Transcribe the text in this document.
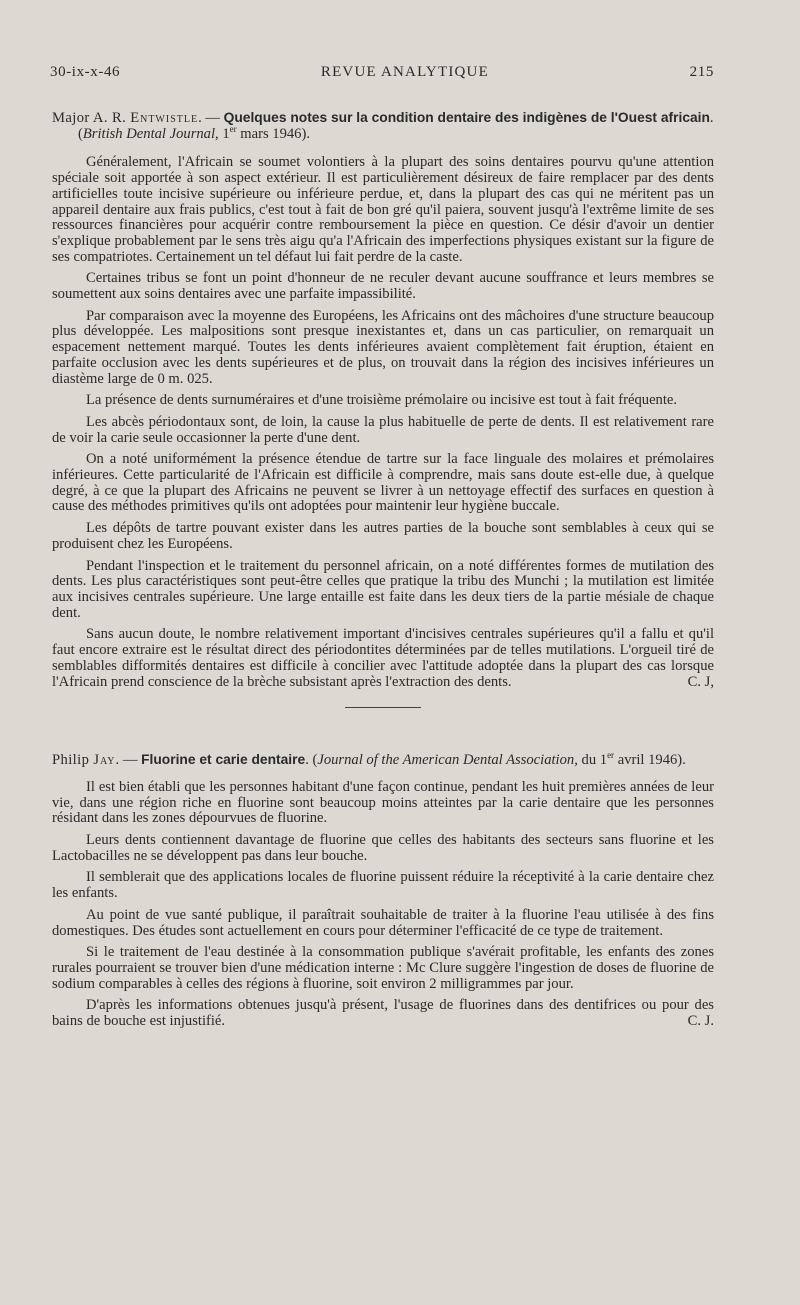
30-ix-x-46	REVUE ANALYTIQUE	215

Major A. R. Entwistle. — Quelques notes sur la condition dentaire des indigènes de l'Ouest africain. (British Dental Journal, 1er mars 1946).

Généralement, l'Africain se soumet volontiers à la plupart des soins dentaires pourvu qu'une attention spéciale soit apportée à son aspect extérieur. Il est particulièrement désireux de faire remplacer par des dents artificielles toute incisive supérieure ou inférieure perdue, et, dans la plupart des cas qui ne méritent pas un appareil dentaire aux frais publics, c'est tout à fait de bon gré qu'il paiera, souvent jusqu'à l'extrême limite de ses ressources financières pour acquérir contre remboursement la pièce en question. Ce désir d'avoir un dentier s'explique probablement par le sens très aigu qu'a l'Africain des imperfections physiques existant sur la figure de ses compatriotes. Certainement un tel défaut lui fait perdre de la caste.

Certaines tribus se font un point d'honneur de ne reculer devant aucune souffrance et leurs membres se soumettent aux soins dentaires avec une parfaite impassibilité.

Par comparaison avec la moyenne des Européens, les Africains ont des mâchoires d'une structure beaucoup plus développée. Les malpositions sont presque inexistantes et, dans un cas particulier, on remarquait un espacement nettement marqué. Toutes les dents inférieures avaient complètement fait éruption, étaient en parfaite occlusion avec les dents supérieures et de plus, on trouvait dans la région des incisives inférieures un diastème large de 0 m. 025.

La présence de dents surnuméraires et d'une troisième prémolaire ou incisive est tout à fait fréquente.

Les abcès périodontaux sont, de loin, la cause la plus habituelle de perte de dents. Il est relativement rare de voir la carie seule occasionner la perte d'une dent.

On a noté uniformément la présence étendue de tartre sur la face linguale des molaires et prémolaires inférieures. Cette particularité de l'Africain est difficile à comprendre, mais sans doute est-elle due, à quelque degré, à ce que la plupart des Africains ne peuvent se livrer à un nettoyage effectif des surfaces en question à cause des méthodes primitives qu'ils ont adoptées pour maintenir leur hygiène buccale.

Les dépôts de tartre pouvant exister dans les autres parties de la bouche sont semblables à ceux qui se produisent chez les Européens.

Pendant l'inspection et le traitement du personnel africain, on a noté différentes formes de mutilation des dents. Les plus caractéristiques sont peut-être celles que pratique la tribu des Munchi ; la mutilation est limitée aux incisives centrales supérieure. Une large entaille est faite dans les deux tiers de la partie mésiale de chaque dent.

Sans aucun doute, le nombre relativement important d'incisives centrales supérieures qu'il a fallu et qu'il faut encore extraire est le résultat direct des périodontites déterminées par de telles mutilations. L'orgueil tiré de semblables difformités dentaires est difficile à concilier avec l'attitude adoptée dans la plupart des cas lorsque l'Africain prend conscience de la brèche subsistant après l'extraction des dents.	C. J,

Philip Jay. — Fluorine et carie dentaire. (Journal of the American Dental Association, du 1er avril 1946).

Il est bien établi que les personnes habitant d'une façon continue, pendant les huit premières années de leur vie, dans une région riche en fluorine sont beaucoup moins atteintes par la carie dentaire que les personnes résidant dans les zones dépourvues de fluorine.

Leurs dents contiennent davantage de fluorine que celles des habitants des secteurs sans fluorine et les Lactobacilles ne se développent pas dans leur bouche.

Il semblerait que des applications locales de fluorine puissent réduire la réceptivité à la carie dentaire chez les enfants.

Au point de vue santé publique, il paraîtrait souhaitable de traiter à la fluorine l'eau utilisée à des fins domestiques. Des études sont actuellement en cours pour déterminer l'efficacité de ce type de traitement.

Si le traitement de l'eau destinée à la consommation publique s'avérait profitable, les enfants des zones rurales pourraient se trouver bien d'une médication interne : Mc Clure suggère l'ingestion de doses de fluorine de sodium comparables à celles des régions à fluorine, soit environ 2 milligrammes par jour.

D'après les informations obtenues jusqu'à présent, l'usage de fluorines dans des dentifrices ou pour des bains de bouche est injustifié.	C. J.
